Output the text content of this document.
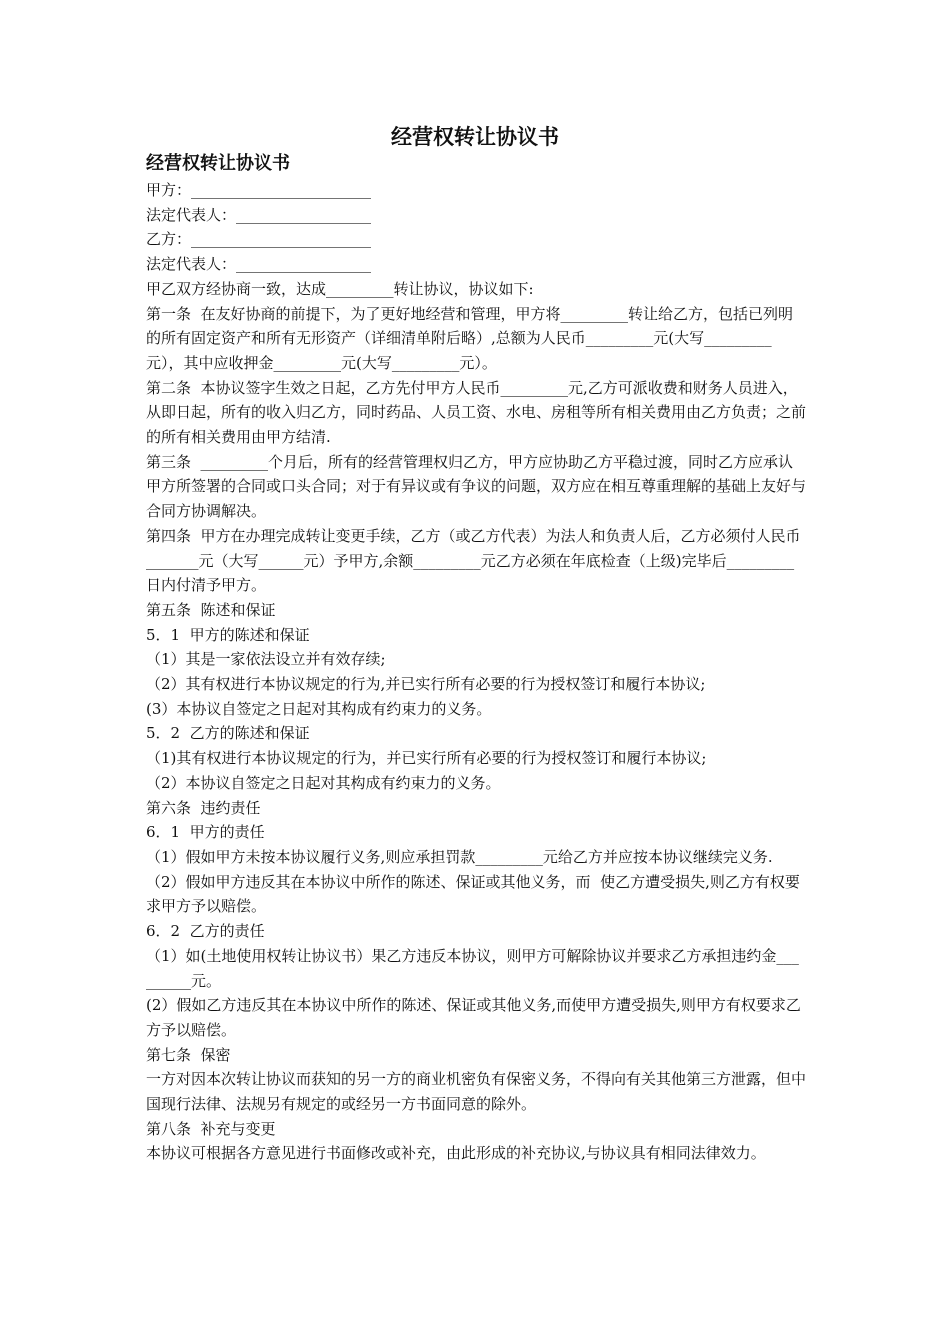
经营权转让协议书
经营权转让协议书
甲方：________________________
法定代表人：__________________
乙方：________________________
法定代表人：__________________
甲乙双方经协商一致，达成_________转让协议，协议如下:
第一条  在友好协商的前提下，为了更好地经营和管理，甲方将_________转让给乙方，包括已列明的所有固定资产和所有无形资产（详细清单附后略）,总额为人民币_________元(大写_________元），其中应收押金_________元(大写_________元）。
第二条  本协议签字生效之日起，乙方先付甲方人民币_________元,乙方可派收费和财务人员进入，从即日起，所有的收入归乙方，同时药品、人员工资、水电、房租等所有相关费用由乙方负责；之前的所有相关费用由甲方结清.
第三条  _________个月后，所有的经营管理权归乙方，甲方应协助乙方平稳过渡，同时乙方应承认甲方所签署的合同或口头合同；对于有异议或有争议的问题，双方应在相互尊重理解的基础上友好与合同方协调解决。
第四条  甲方在办理完成转让变更手续，乙方（或乙方代表）为法人和负责人后，乙方必须付人民币_______元（大写______元）予甲方,余额_________元乙方必须在年底检查（上级)完毕后_________日内付清予甲方。
第五条  陈述和保证
5．1  甲方的陈述和保证
（1）其是一家依法设立并有效存续;
（2）其有权进行本协议规定的行为,并已实行所有必要的行为授权签订和履行本协议;
(3）本协议自签定之日起对其构成有约束力的义务。
5．2  乙方的陈述和保证
（1)其有权进行本协议规定的行为，并已实行所有必要的行为授权签订和履行本协议;
（2）本协议自签定之日起对其构成有约束力的义务。
第六条  违约责任
6．1  甲方的责任
（1）假如甲方未按本协议履行义务,则应承担罚款_________元给乙方并应按本协议继续完义务.
（2）假如甲方违反其在本协议中所作的陈述、保证或其他义务，而  使乙方遭受损失,则乙方有权要求甲方予以赔偿。
6．2  乙方的责任
（1）如(土地使用权转让协议书）果乙方违反本协议，则甲方可解除协议并要求乙方承担违约金_________元。
(2）假如乙方违反其在本协议中所作的陈述、保证或其他义务,而使甲方遭受损失,则甲方有权要求乙方予以赔偿。
第七条  保密
一方对因本次转让协议而获知的另一方的商业机密负有保密义务，不得向有关其他第三方泄露，但中国现行法律、法规另有规定的或经另一方书面同意的除外。
第八条  补充与变更
本协议可根据各方意见进行书面修改或补充，由此形成的补充协议,与协议具有相同法律效力。
